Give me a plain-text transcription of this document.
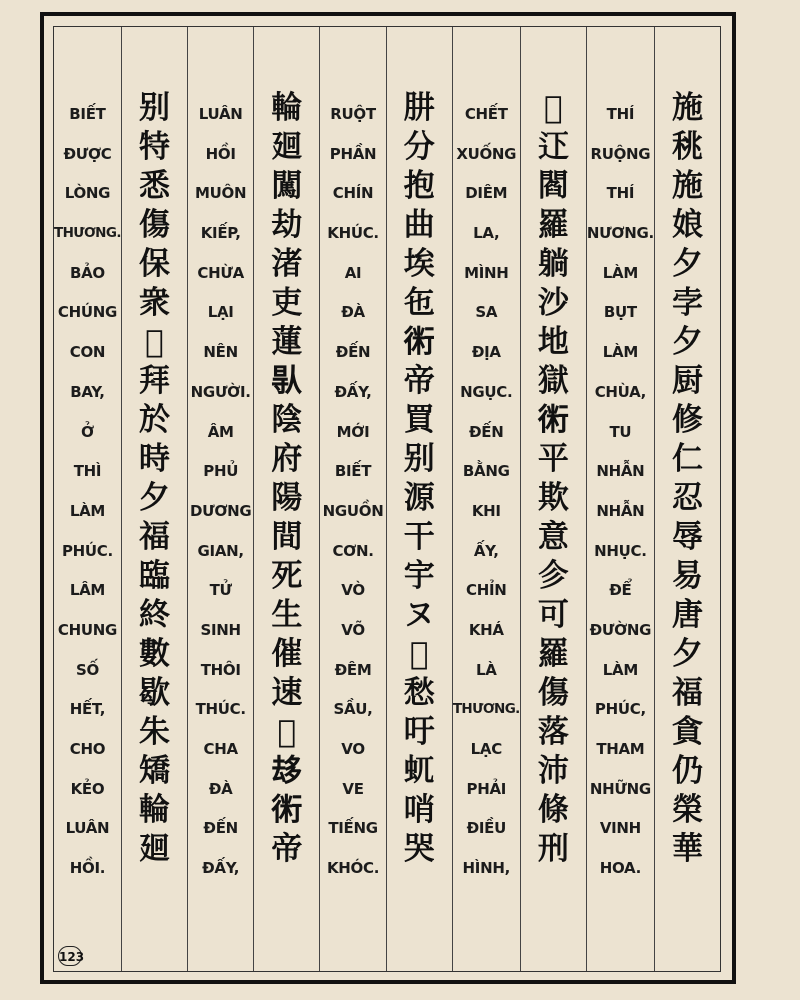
BIẾT
ĐƯỢC
LÒNG
THƯƠNG.
BẢO
CHÚNG
CON
BAY,
Ở
THÌ
LÀM
PHÚC.
LÂM
CHUNG
SỐ
HẾT,
CHO
KẺO
LUÂN
HỒI.
别
特
悉
傷
保
衆
𢧲
拜
於
時
夕
福
臨
終
數
歇
朱
矯
輪
廻
LUÂN
HỒI
MUÔN
KIẾP,
CHỪA
LẠI
NÊN
NGƯỜI.
ÂM
PHỦ
DƯƠNG
GIAN,
TỬ
SINH
THÔI
THÚC.
CHA
ĐÀ
ĐẾN
ĐẤY,
輪
廻
闖
劫
渚
吏
蓮
𠊛
陰
府
陽
間
死
生
催
速
𤕔
𠫾
𧗱
帝
RUỘT
PHẦN
CHÍN
KHÚC.
AI
ĐÀ
ĐẾN
ĐẤY,
MỚI
BIẾT
NGUỒN
CƠN.
VÒ
VÕ
ĐÊM
SẦU,
VO
VE
TIẾNG
KHÓC.
肼
分
抱
曲
埃
㐌
𧗱
帝
買
别
源
干
宇
ヌ
𣈕
愁
吁
𧈭
哨
哭
CHẾT
XUỐNG
DIÊM
LA,
MÌNH
SA
ĐỊA
NGỤC.
ĐẾN
BẰNG
KHI
ẤY,
CHỈN
KHÁ
LÀ
THƯƠNG.
LẠC
PHẢI
ĐIỀU
HÌNH,
𣩂
𨑜
閻
羅
躺
沙
地
獄
𧗱
平
欺
意
㐱
可
羅
傷
落
沛
條
刑
THÍ
RUỘNG
THÍ
NƯƠNG.
LÀM
BỤT
LÀM
CHÙA,
TU
NHẪN
NHẪN
NHỤC.
ĐỂ
ĐƯỜNG
LÀM
PHÚC,
THAM
NHỮNG
VINH
HOA.
施
䄻
施
娘
夕
孛
夕
厨
修
仁
忍
辱
易
唐
夕
福
貪
仍
榮
華
123
